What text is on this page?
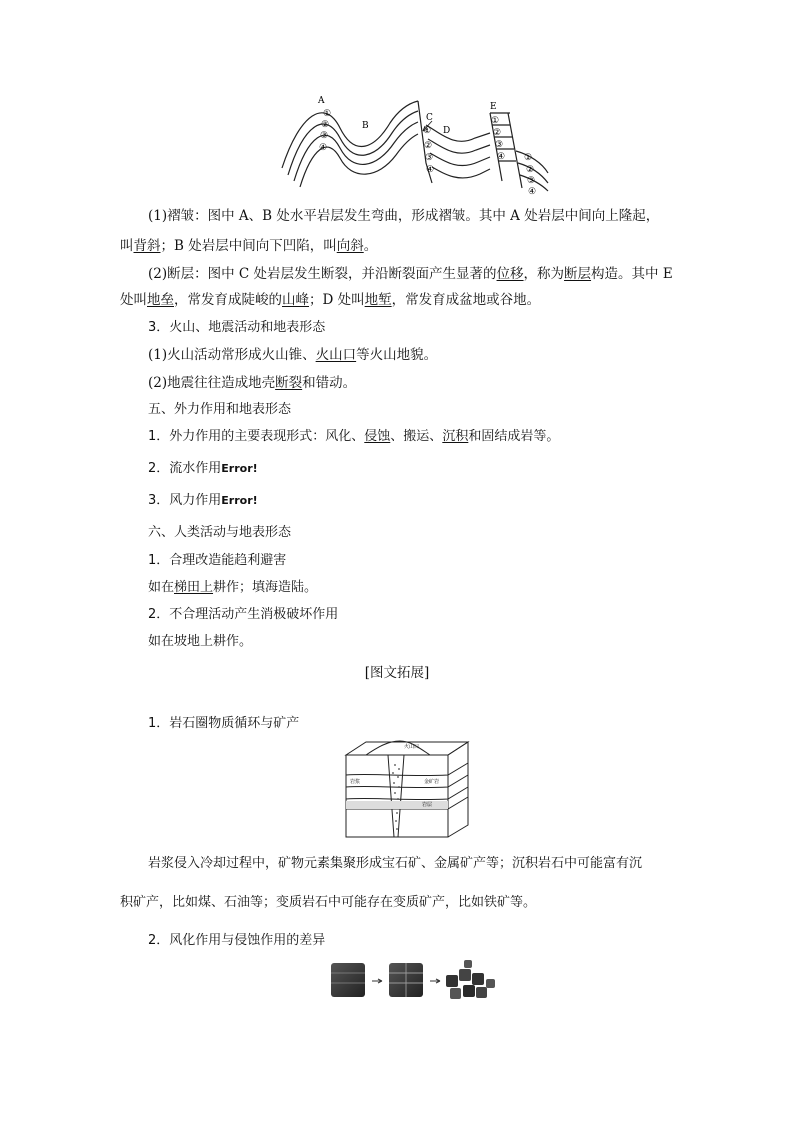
A
B
C
D
E
①
②
③
④
①
②
③
④
①
②
③
④ ①
②
③
④
(1)褶皱：图中 A、B 处水平岩层发生弯曲，形成褶皱。其中 A 处岩层中间向上隆起，
叫背斜；B 处岩层中间向下凹陷，叫向斜。
(2)断层：图中 C 处岩层发生断裂，并沿断裂面产生显著的位移，称为断层构造。其中 E
处叫地垒，常发育成陡峻的山峰；D 处叫地堑，常发育成盆地或谷地。
3．火山、地震活动和地表形态
(1)火山活动常形成火山锥、火山口等火山地貌。
(2)地震往往造成地壳断裂和错动。
五、外力作用和地表形态
1．外力作用的主要表现形式：风化、侵蚀、搬运、沉积和固结成岩等。
2．流水作用Error!
3．风力作用Error!
六、人类活动与地表形态
1．合理改造能趋利避害
如在梯田上耕作；填海造陆。
2．不合理活动产生消极破坏作用
如在坡地上耕作。
[图文拓展]
1．岩石圈物质循环与矿产
火山口
岩浆	金矿岩
岩层
岩浆侵入冷却过程中，矿物元素集聚形成宝石矿、金属矿产等；沉积岩石中可能富有沉
积矿产，比如煤、石油等；变质岩石中可能存在变质矿产，比如铁矿等。
2．风化作用与侵蚀作用的差异
